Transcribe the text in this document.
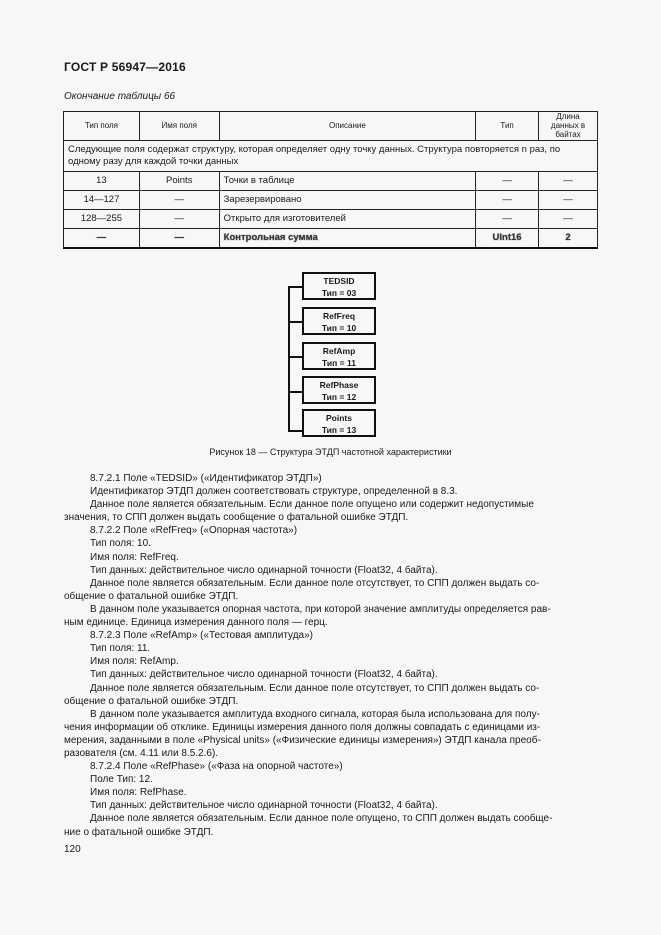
ГОСТ Р 56947—2016
Окончание таблицы 66
Тип поля	Имя поля	Описание	Тип	Длина данных в байтах
Следующие поля содержат структуру, которая определяет одну точку данных. Структура повторяется n раз, по одному разу для каждой точки данных				
13	Points	Точки в таблице	—	—
14—127	—	Зарезервировано	—	—
128—255	—	Открыто для изготовителей	—	—
—	—	Контрольная сумма	UInt16	2
TEDSID
Тип = 03
RefFreq
Тип = 10
RefAmp
Тип = 11
RefPhase
Тип = 12
Points
Тип = 13
Рисунок 18 — Структура ЭТДП частотной характеристики

8.7.2.1 Поле «TEDSID» («Идентификатор ЭТДП»)

Идентификатор ЭТДП должен соответствовать структуре, определенной в 8.3.

Данное поле является обязательным. Если данное поле опущено или содержит недопустимые

значения, то СПП должен выдать сообщение о фатальной ошибке ЭТДП.

8.7.2.2 Поле «RefFreq» («Опорная частота»)

Тип поля: 10.

Имя поля: RefFreq.

Тип данных: действительное число одинарной точности (Float32, 4 байта).

Данное поле является обязательным. Если данное поле отсутствует, то СПП должен выдать со-

общение о фатальной ошибке ЭТДП.

В данном поле указывается опорная частота, при которой значение амплитуды определяется рав-

ным единице. Единица измерения данного поля — герц.

8.7.2.3 Поле «RefAmp» («Тестовая амплитуда»)

Тип поля: 11.

Имя поля: RefAmp.

Тип данных: действительное число одинарной точности (Float32, 4 байта).

Данное поле является обязательным. Если данное поле отсутствует, то СПП должен выдать со-

общение о фатальной ошибке ЭТДП.

В данном поле указывается амплитуда входного сигнала, которая была использована для полу-

чения информации об отклике. Единицы измерения данного поля должны совпадать с единицами из-

мерения, заданными в поле «Physical units» («Физические единицы измерения») ЭТДП канала преоб-

разователя (см. 4.11 или 8.5.2.6).

8.7.2.4 Поле «RefPhase» («Фаза на опорной частоте»)

Поле Тип: 12.

Имя поля: RefPhase.

Тип данных: действительное число одинарной точности (Float32, 4 байта).

Данное поле является обязательным. Если данное поле опущено, то СПП должен выдать сообще-

ние о фатальной ошибке ЭТДП.

120
